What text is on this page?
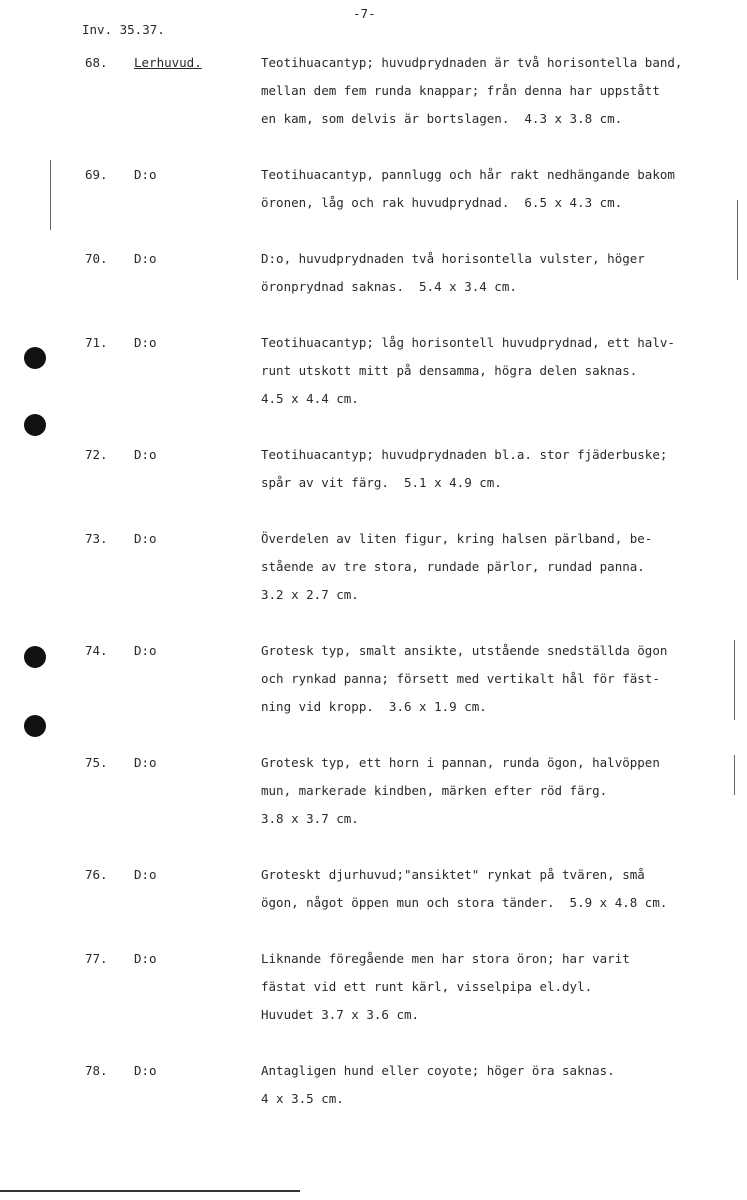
-7-
Inv. 35.37.
68. Lerhuvud.	Teotihuacantyp; huvudprydnaden är två horisontella band,
mellan dem fem runda knappar; från denna har uppstått
en kam, som delvis är bortslagen.  4.3 x 3.8 cm.
69. D:o	Teotihuacantyp, pannlugg och hår rakt nedhängande bakom
öronen, låg och rak huvudprydnad.  6.5 x 4.3 cm.
70. D:o	D:o, huvudprydnaden två horisontella vulster, höger
öronprydnad saknas.  5.4 x 3.4 cm.
71. D:o	Teotihuacantyp; låg horisontell huvudprydnad, ett halv-
runt utskott mitt på densamma, högra delen saknas.
4.5 x 4.4 cm.
72. D:o	Teotihuacantyp; huvudprydnaden bl.a. stor fjäderbuske;
spår av vit färg.  5.1 x 4.9 cm.
73. D:o	Överdelen av liten figur, kring halsen pärlband, be-
stående av tre stora, rundade pärlor, rundad panna.
3.2 x 2.7 cm.
74. D:o	Grotesk typ, smalt ansikte, utstående snedställda ögon
och rynkad panna; försett med vertikalt hål för fäst-
ning vid kropp.  3.6 x 1.9 cm.
75. D:o	Grotesk typ, ett horn i pannan, runda ögon, halvöppen
mun, markerade kindben, märken efter röd färg.
3.8 x 3.7 cm.
76. D:o	Groteskt djurhuvud;"ansiktet" rynkat på tvären, små
ögon, något öppen mun och stora tänder.  5.9 x 4.8 cm.
77. D:o	Liknande föregående men har stora öron; har varit
fästat vid ett runt kärl, visselpipa el.dyl.
Huvudet 3.7 x 3.6 cm.
78. D:o	Antagligen hund eller coyote; höger öra saknas.
4 x 3.5 cm.
